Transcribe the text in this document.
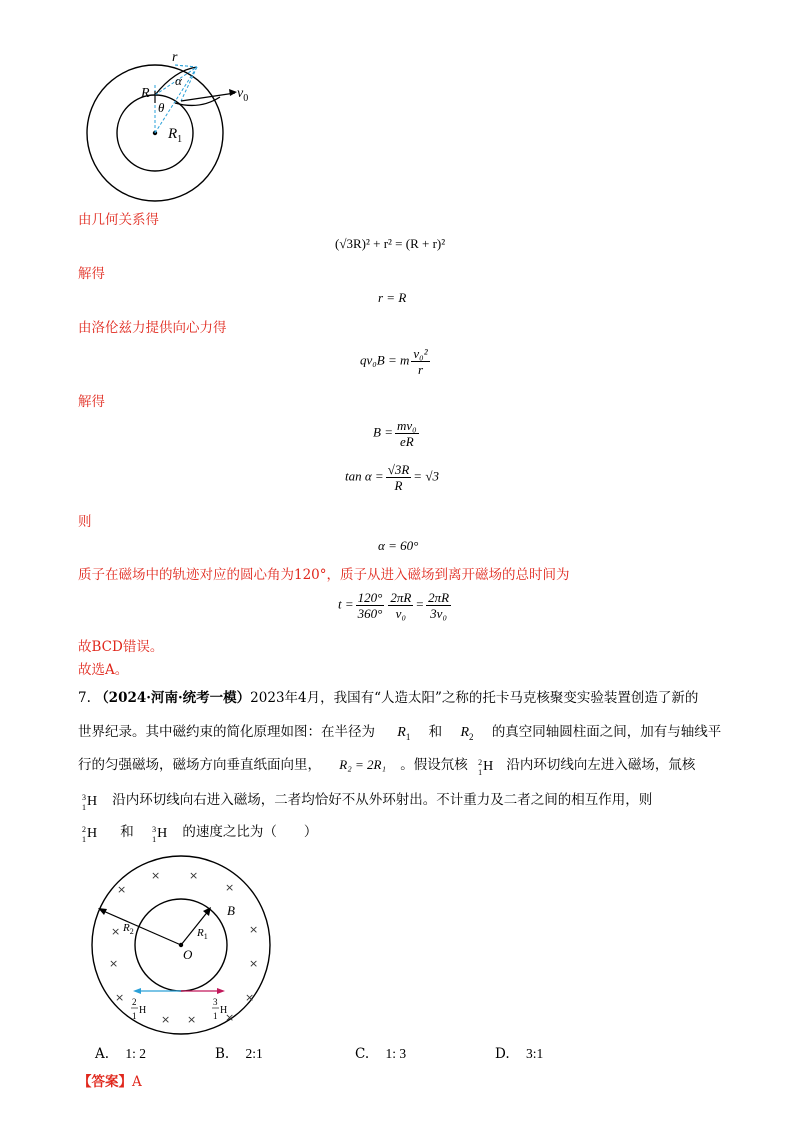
r
R
α
θ
$R_1$
$v_0$
由几何关系得
(√3R)² + r² = (R + r)²
解得
r = R
由洛伦兹力提供向心力得
qv₀B = m $\frac{\text{v₀²}}{r}$
解得
$B = \frac{\text{mv₀}}{eR}$
$\tan \alpha = \frac{√3R}{R} = √3$
则
α = 60°
质子在磁场中的轨迹对应的圆心角为120°，质子从进入磁场到离开磁场的总时间为
$t = \frac{120^\circ}{360^\circ} \frac{2\pi R}{\text{v₀}} = \frac{2\pi R}{\text{3v₀}}$
故BCD错误。
故选A。
7. （2024·河南·统考一模）2023年4月，我国有“人造太阳”之称的托卡马克核聚变实验装置创造了新的
世界纪录。其中磁约束的简化原理如图：在半径为 $R_1$ 和 $R_2$ 的真空同轴圆柱面之间，加有与轴线平
行的匀强磁场，磁场方向垂直纸面向里， R₂ = 2R₁ 。假设氘核 2
1 H 沿内环切线向左进入磁场，氚核
3
1 H 沿内环切线向右进入磁场，二者均恰好不从外环射出。不计重力及二者之间的相互作用，则
2
1 H 和 3
1 H 的速度之比为（　　）
×
×	×
×
×	×
×	×
×	×
× ×	×
B
O
$R_1$
$R_2$
2
1 H
3
1 H
A. 1: 2	B. 2:1	C. 1: 3	D. 3:1
【答案】A
